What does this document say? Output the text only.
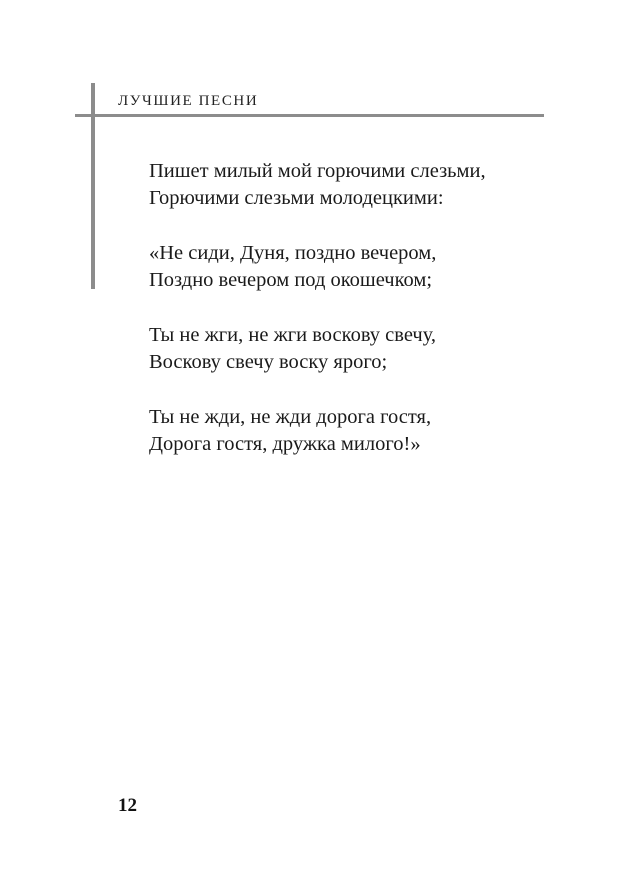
ЛУЧШИЕ ПЕСНИ
Пишет милый мой горючими слезьми,
Горючими слезьми молодецкими:
«Не сиди, Дуня, поздно вечером,
Поздно вечером под окошечком;
Ты не жги, не жги воскову свечу,
Воскову свечу воску ярого;
Ты не жди, не жди дорога гостя,
Дорога гостя, дружка милого!»
12
